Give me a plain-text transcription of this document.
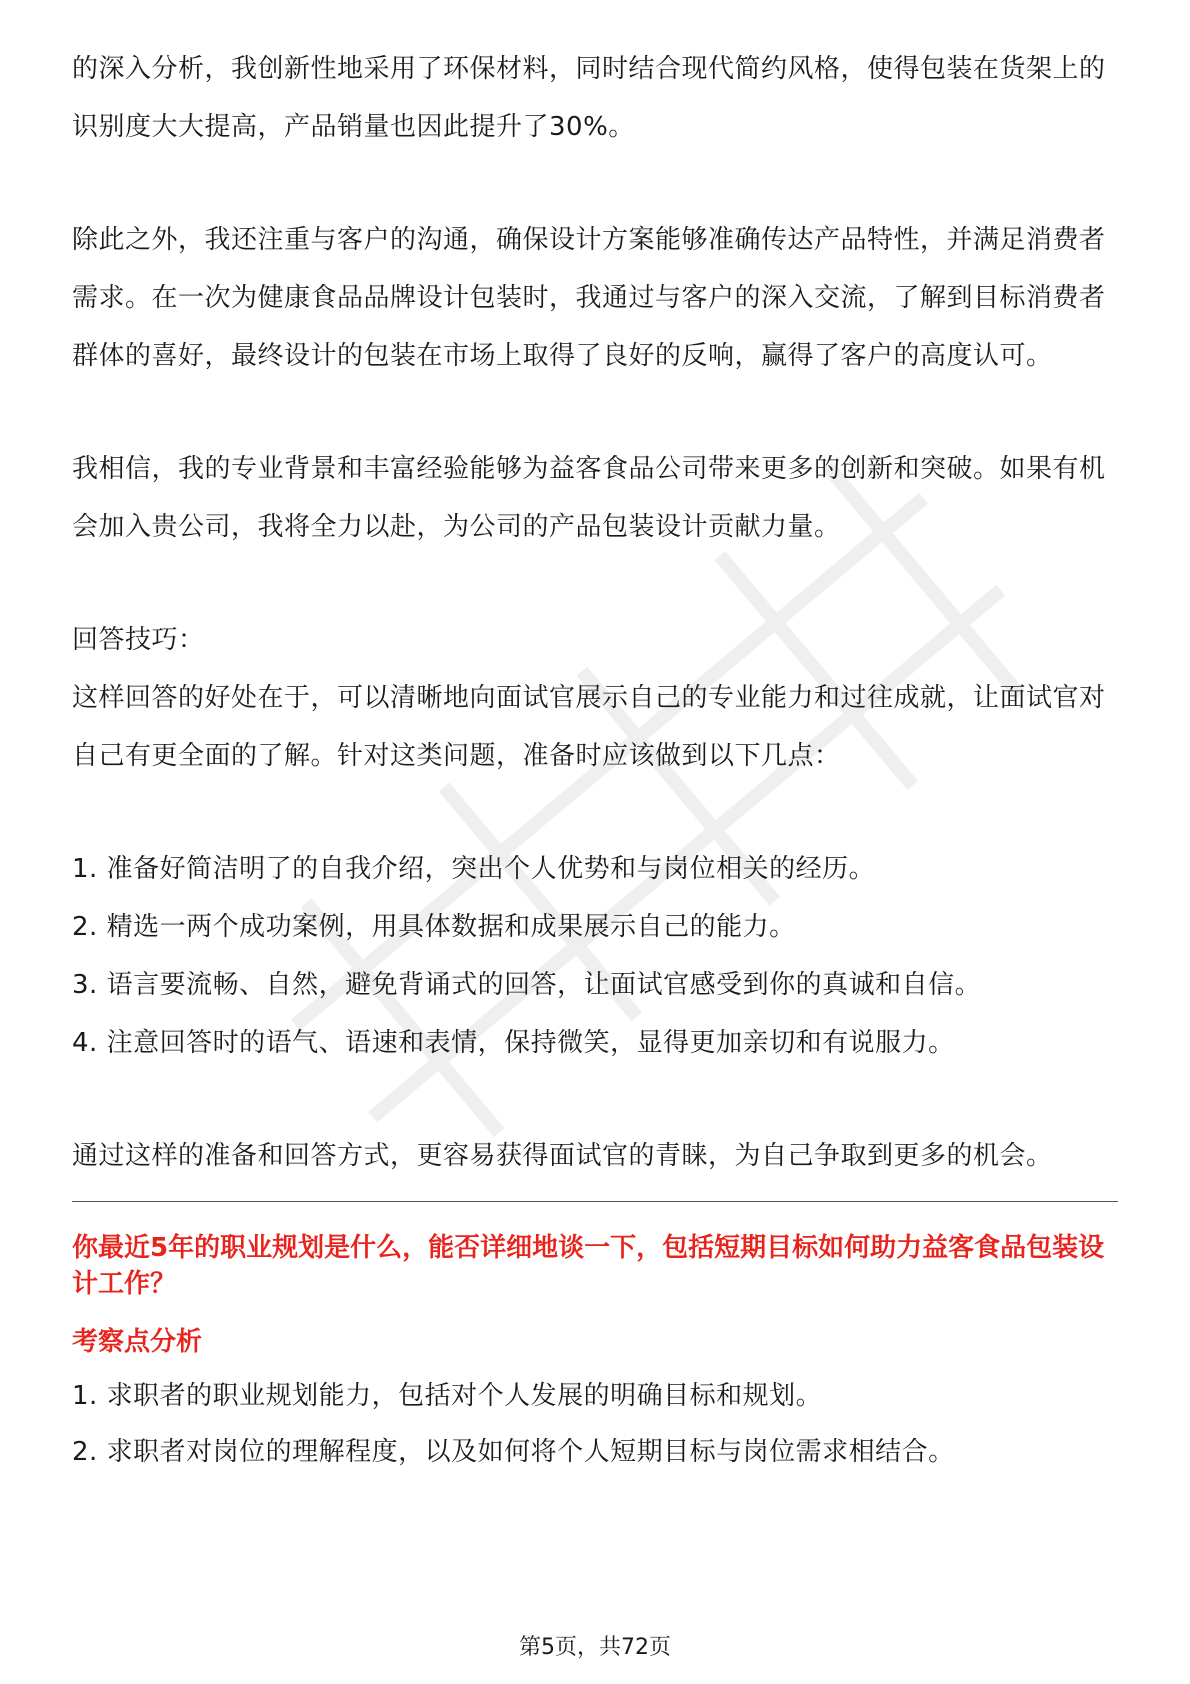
的深入分析，我创新性地采用了环保材料，同时结合现代简约风格，使得包装在货架上的识别度大大提高，产品销量也因此提升了30%。

除此之外，我还注重与客户的沟通，确保设计方案能够准确传达产品特性，并满足消费者需求。在一次为健康食品品牌设计包装时，我通过与客户的深入交流，了解到目标消费者群体的喜好，最终设计的包装在市场上取得了良好的反响，赢得了客户的高度认可。

我相信，我的专业背景和丰富经验能够为益客食品公司带来更多的创新和突破。如果有机会加入贵公司，我将全力以赴，为公司的产品包装设计贡献力量。

回答技巧：

这样回答的好处在于，可以清晰地向面试官展示自己的专业能力和过往成就，让面试官对自己有更全面的了解。针对这类问题，准备时应该做到以下几点：

1. 准备好简洁明了的自我介绍，突出个人优势和与岗位相关的经历。

2. 精选一两个成功案例，用具体数据和成果展示自己的能力。

3. 语言要流畅、自然，避免背诵式的回答，让面试官感受到你的真诚和自信。

4. 注意回答时的语气、语速和表情，保持微笑，显得更加亲切和有说服力。

通过这样的准备和回答方式，更容易获得面试官的青睐，为自己争取到更多的机会。

你最近5年的职业规划是什么，能否详细地谈一下，包括短期目标如何助力益客食品包装设计工作？

考察点分析

1. 求职者的职业规划能力，包括对个人发展的明确目标和规划。

2. 求职者对岗位的理解程度，以及如何将个人短期目标与岗位需求相结合。

第5页，共72页
